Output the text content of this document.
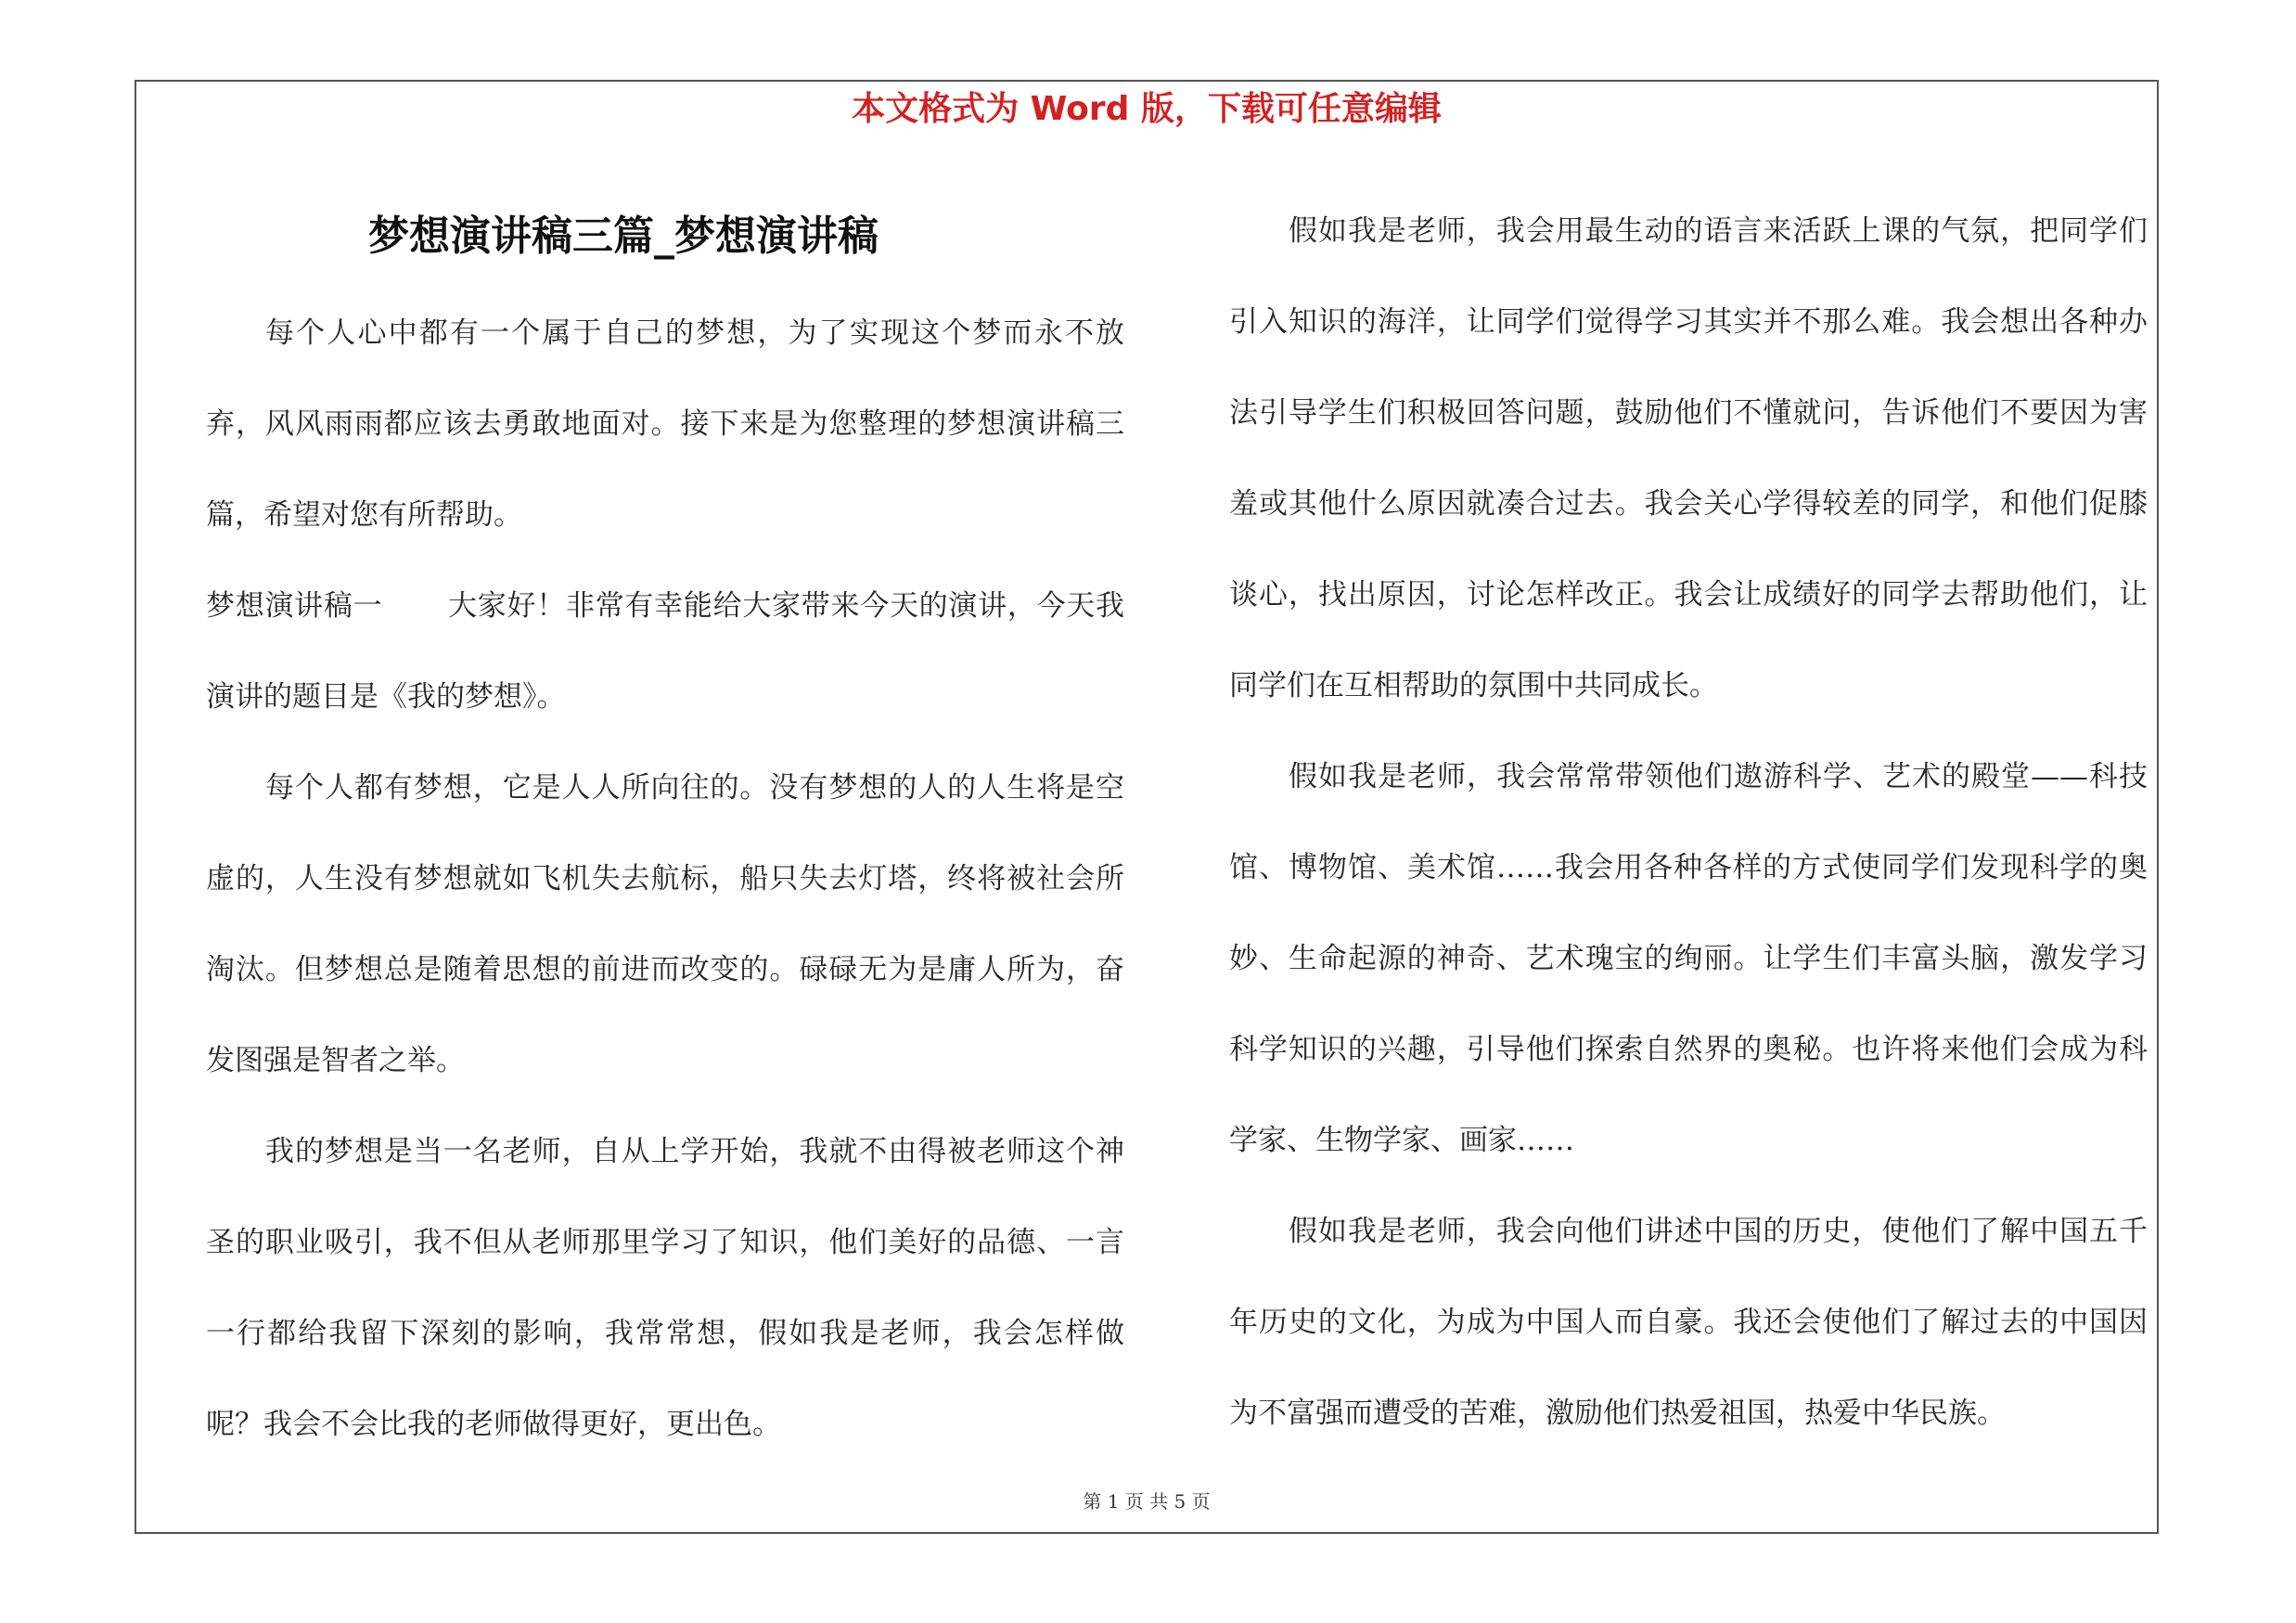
本文格式为 Word 版，下载可任意编辑
梦想演讲稿三篇_梦想演讲稿

每个人心中都有一个属于自己的梦想，为了实现这个梦而永不放弃，风风雨雨都应该去勇敢地面对。接下来是为您整理的梦想演讲稿三篇，希望对您有所帮助。

梦想演讲稿一 大家好！非常有幸能给大家带来今天的演讲，今天我演讲的题目是《我的梦想》。

每个人都有梦想，它是人人所向往的。没有梦想的人的人生将是空虚的，人生没有梦想就如飞机失去航标，船只失去灯塔，终将被社会所淘汰。但梦想总是随着思想的前进而改变的。碌碌无为是庸人所为，奋发图强是智者之举。

我的梦想是当一名老师，自从上学开始，我就不由得被老师这个神圣的职业吸引，我不但从老师那里学习了知识，他们美好的品德、一言一行都给我留下深刻的影响，我常常想，假如我是老师，我会怎样做呢？我会不会比我的老师做得更好，更出色。

假如我是老师，我会用最生动的语言来活跃上课的气氛，把同学们引入知识的海洋，让同学们觉得学习其实并不那么难。我会想出各种办法引导学生们积极回答问题，鼓励他们不懂就问，告诉他们不要因为害羞或其他什么原因就凑合过去。我会关心学得较差的同学，和他们促膝谈心，找出原因，讨论怎样改正。我会让成绩好的同学去帮助他们，让同学们在互相帮助的氛围中共同成长。

假如我是老师，我会常常带领他们遨游科学、艺术的殿堂——科技馆、博物馆、美术馆……我会用各种各样的方式使同学们发现科学的奥妙、生命起源的神奇、艺术瑰宝的绚丽。让学生们丰富头脑，激发学习科学知识的兴趣，引导他们探索自然界的奥秘。也许将来他们会成为科学家、生物学家、画家……

假如我是老师，我会向他们讲述中国的历史，使他们了解中国五千年历史的文化，为成为中国人而自豪。我还会使他们了解过去的中国因为不富强而遭受的苦难，激励他们热爱祖国，热爱中华民族。

第 1 页 共 5 页
